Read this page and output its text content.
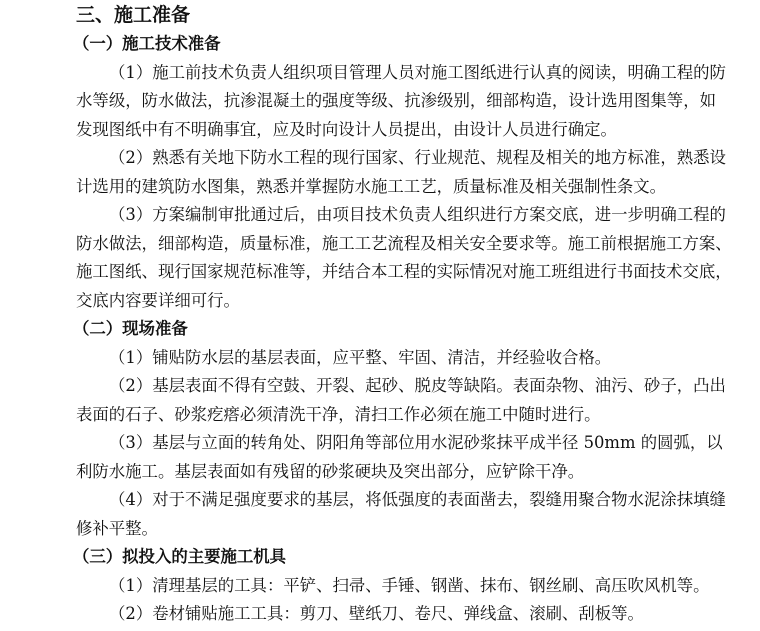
三、施工准备
（一）施工技术准备
（1）施工前技术负责人组织项目管理人员对施工图纸进行认真的阅读，明确工程的防
水等级，防水做法，抗渗混凝土的强度等级、抗渗级别，细部构造，设计选用图集等，如
发现图纸中有不明确事宜，应及时向设计人员提出，由设计人员进行确定。
（2）熟悉有关地下防水工程的现行国家、行业规范、规程及相关的地方标准，熟悉设
计选用的建筑防水图集，熟悉并掌握防水施工工艺，质量标准及相关强制性条文。
（3）方案编制审批通过后，由项目技术负责人组织进行方案交底，进一步明确工程的
防水做法，细部构造，质量标准，施工工艺流程及相关安全要求等。施工前根据施工方案、
施工图纸、现行国家规范标准等，并结合本工程的实际情况对施工班组进行书面技术交底，
交底内容要详细可行。
（二）现场准备
（1）铺贴防水层的基层表面，应平整、牢固、清洁，并经验收合格。
（2）基层表面不得有空鼓、开裂、起砂、脱皮等缺陷。表面杂物、油污、砂子，凸出
表面的石子、砂浆疙瘩必须清洗干净，清扫工作必须在施工中随时进行。
（3）基层与立面的转角处、阴阳角等部位用水泥砂浆抹平成半径 50mm 的圆弧，以
利防水施工。基层表面如有残留的砂浆硬块及突出部分，应铲除干净。
（4）对于不满足强度要求的基层，将低强度的表面凿去，裂缝用聚合物水泥涂抹填缝
修补平整。
（三）拟投入的主要施工机具
（1）清理基层的工具：平铲、扫帚、手锤、钢凿、抹布、钢丝刷、高压吹风机等。
（2）卷材铺贴施工工具：剪刀、壁纸刀、卷尺、弹线盒、滚刷、刮板等。
